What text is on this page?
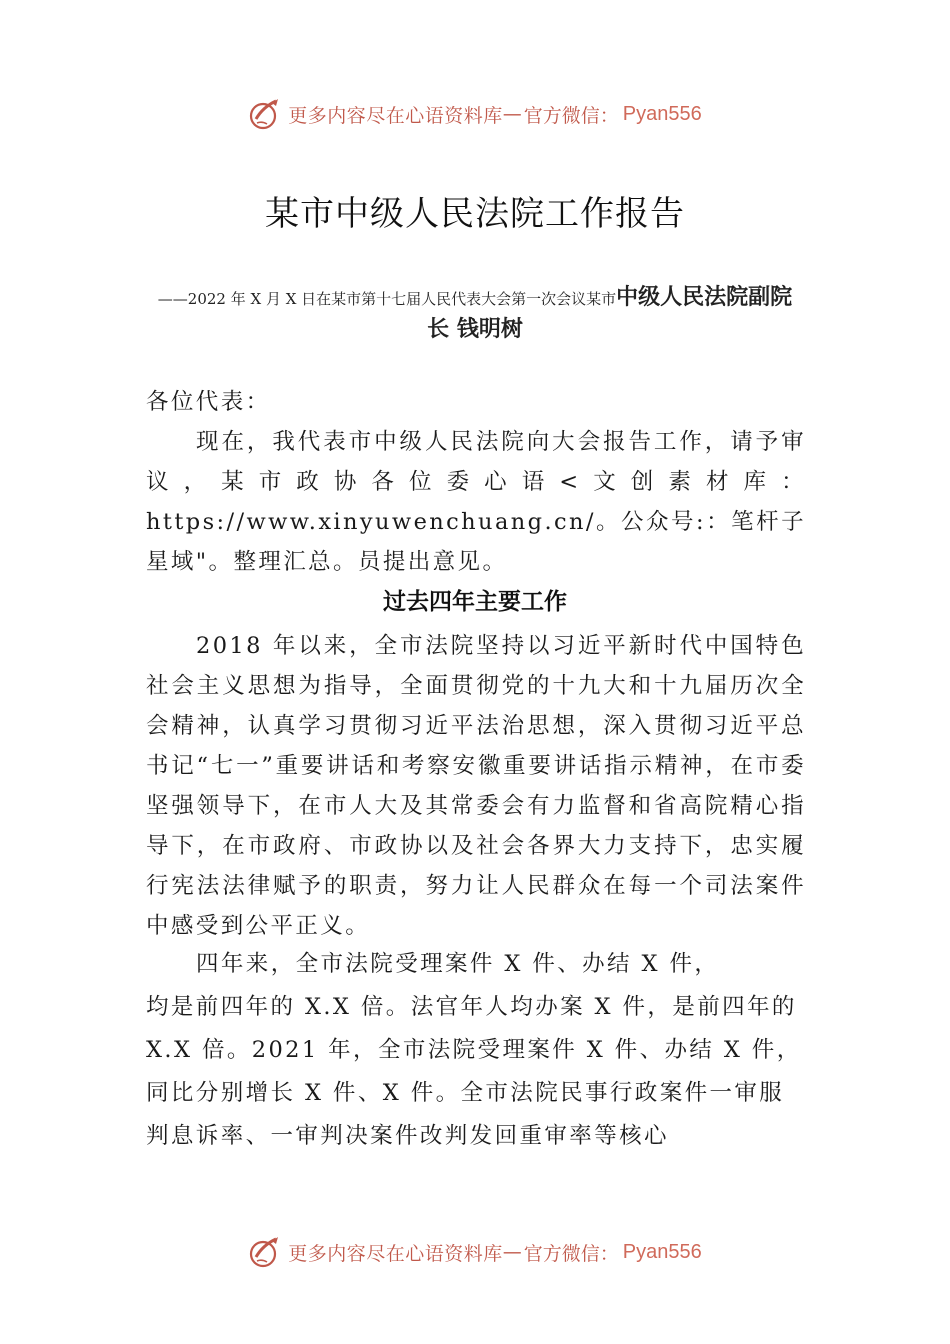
更多内容尽在心语资料库 — 官方微信： Pyan556
某市中级人民法院工作报告
——2022 年 X 月 X 日在某市第十七届人民代表大会第一次会议某市中级人民法院副院长 钱明树
各位代表：
现在，我代表市中级人民法院向大会报告工作，请予审议，某市政协各位委心语<文创素材库：https://www.xinyuwenchuang.cn/。公众号:：笔杆子星域"。整理汇总。员提出意见。
过去四年主要工作
2018 年以来，全市法院坚持以习近平新时代中国特色社会主义思想为指导，全面贯彻党的十九大和十九届历次全会精神，认真学习贯彻习近平法治思想，深入贯彻习近平总书记“七一”重要讲话和考察安徽重要讲话指示精神，在市委坚强领导下，在市人大及其常委会有力监督和省高院精心指导下，在市政府、市政协以及社会各界大力支持下，忠实履行宪法法律赋予的职责，努力让人民群众在每一个司法案件中感受到公平正义。
四年来，全市法院受理案件 X 件、办结 X 件，
均是前四年的 X.X 倍。法官年人均办案 X 件，是前四年的 X.X 倍。2021 年，全市法院受理案件 X 件、办结 X 件，同比分别增长 X 件、X 件。全市法院民事行政案件一审服判息诉率、一审判决案件改判发回重审率等核心
更多内容尽在心语资料库 — 官方微信： Pyan556
